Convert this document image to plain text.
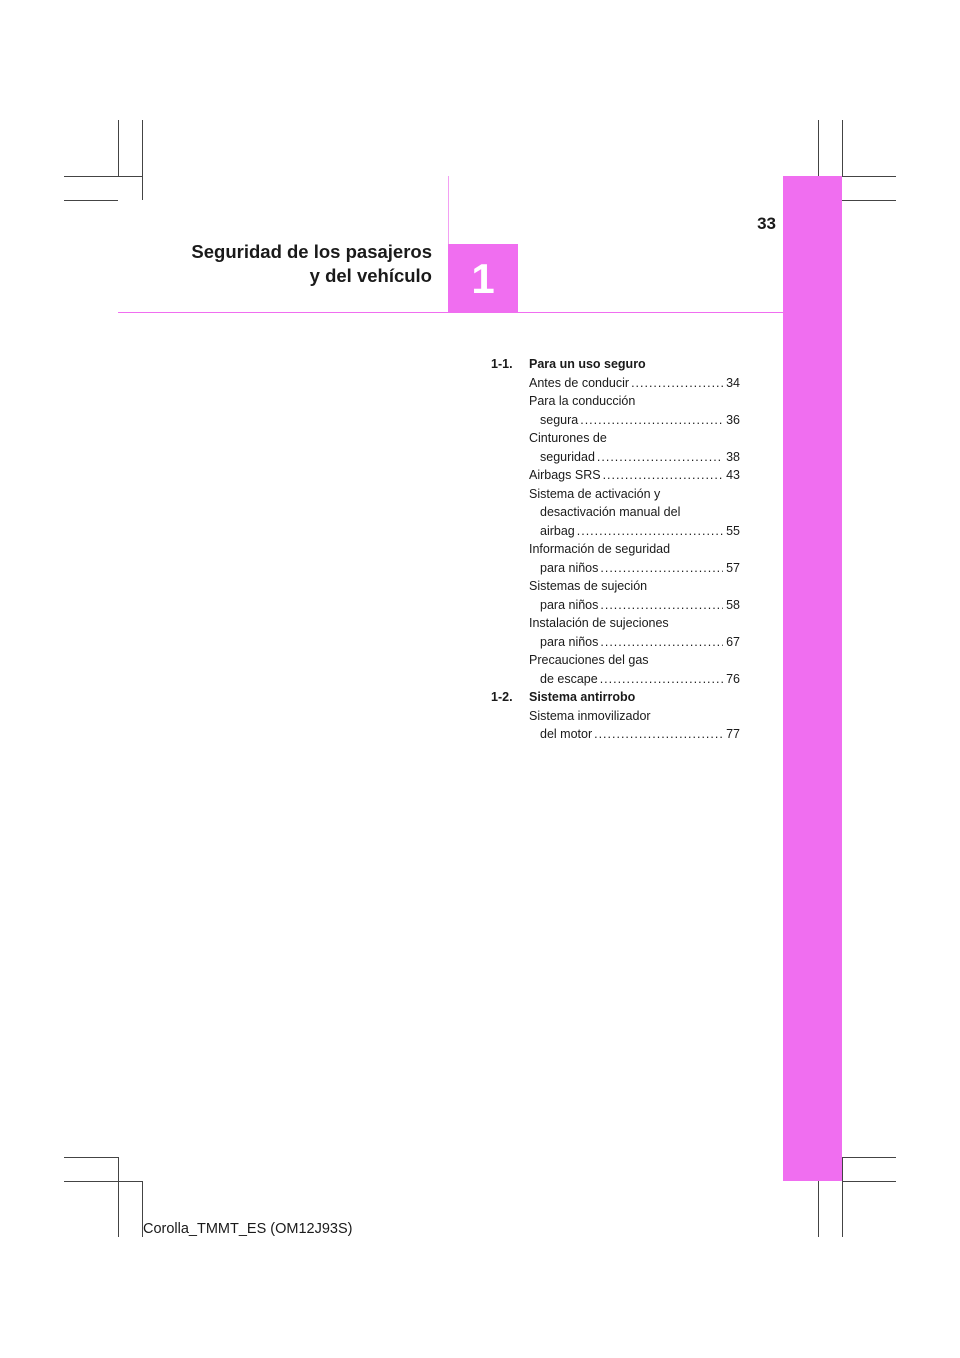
1
33
Seguridad de los pasajeros
y del vehículo
1-1.	Para un uso seguro
Antes de conducir .....	34
Para la conducción
segura .....	36
Cinturones de
seguridad .....	38
Airbags SRS .....	43
Sistema de activación y
desactivación manual del
airbag .....	55
Información de seguridad
para niños .....	57
Sistemas de sujeción
para niños .....	58
Instalación de sujeciones
para niños .....	67
Precauciones del gas
de escape .....	76
1-2.	Sistema antirrobo
Sistema inmovilizador
del motor .....	77
Corolla_TMMT_ES (OM12J93S)
